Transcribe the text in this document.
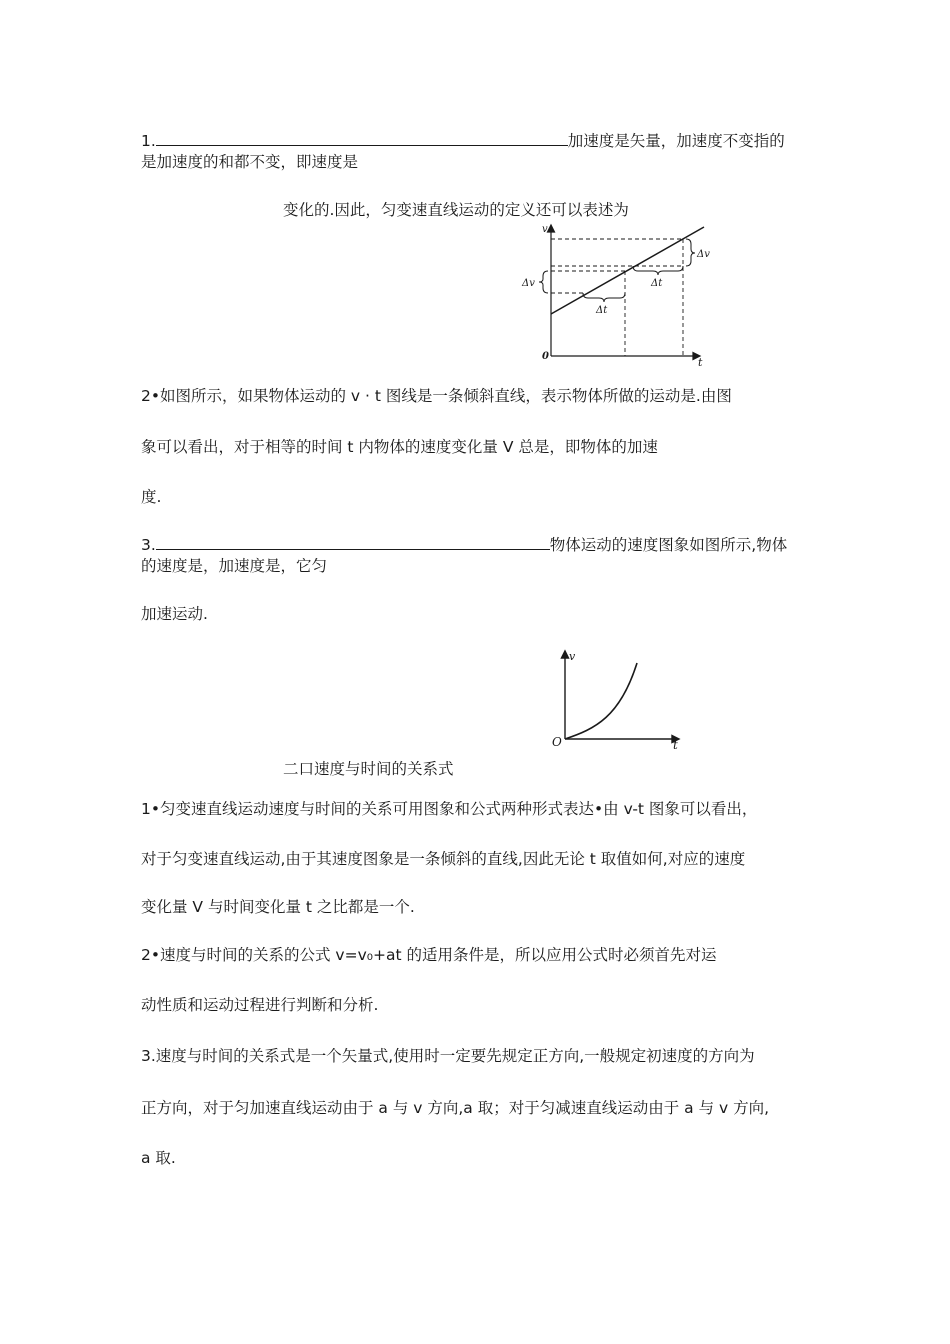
1.	加速度是矢量，加速度不变指的
是加速度的和都不变，即速度是
变化的.因此，匀变速直线运动的定义还可以表述为
v
t
0
Δv
Δv
Δt
Δt
2•如图所示，如果物体运动的 v · t 图线是一条倾斜直线，表示物体所做的运动是.由图
象可以看出，对于相等的时间 t 内物体的速度变化量 V 总是，即物体的加速
度.
3.	物体运动的速度图象如图所示,物体
的速度是，加速度是，它匀
加速运动.
v
t
O
二口速度与时间的关系式
1•匀变速直线运动速度与时间的关系可用图象和公式两种形式表达•由 v-t 图象可以看出，
对于匀变速直线运动,由于其速度图象是一条倾斜的直线,因此无论 t 取值如何,对应的速度
变化量 V 与时间变化量 t 之比都是一个.
2•速度与时间的关系的公式 v=v₀+at 的适用条件是，所以应用公式时必须首先对运
动性质和运动过程进行判断和分析.
3.速度与时间的关系式是一个矢量式,使用时一定要先规定正方向,一般规定初速度的方向为
正方向，对于匀加速直线运动由于 a 与 v 方向,a 取；对于匀减速直线运动由于 a 与 v 方向,
a 取.
